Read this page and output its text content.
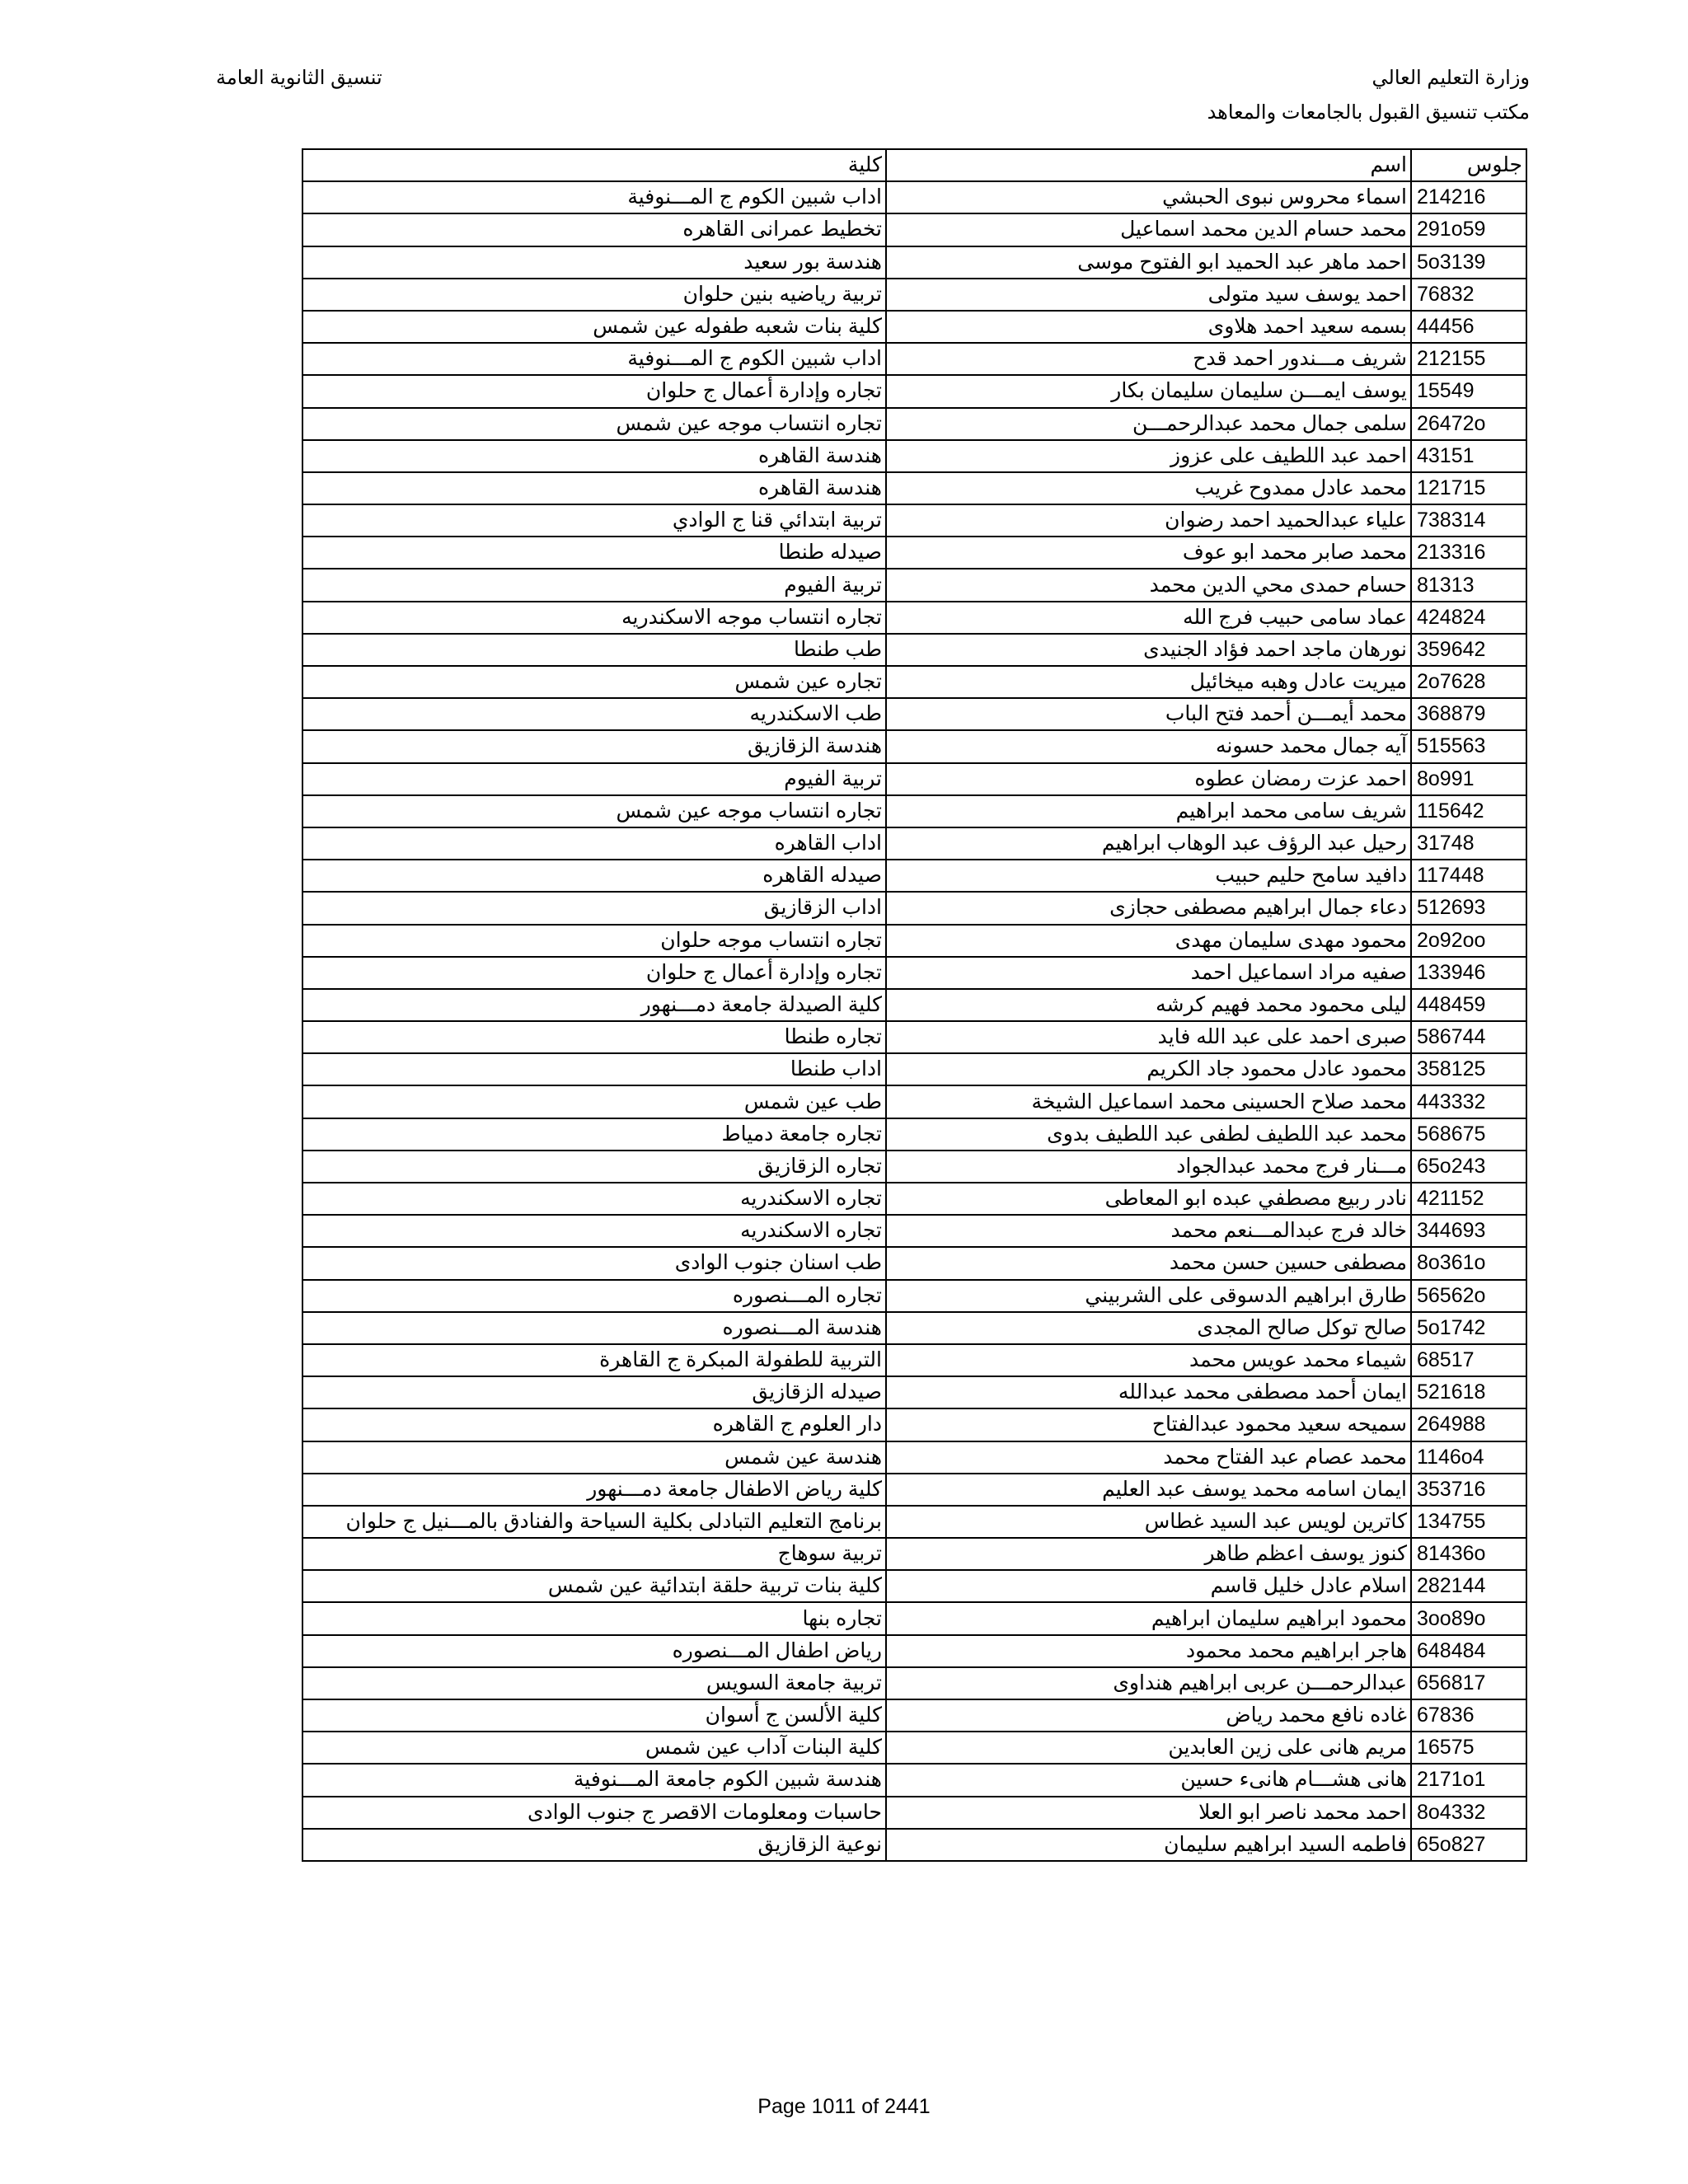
وزارة التعليم العالي
مكتب تنسيق القبول بالجامعات والمعاهد
تنسيق الثانوية العامة
جلوس	اسم	كلية
214216	اسماء محروس نبوى الحبشي	اداب شبين الكوم ج المـــنوفية
291o59	محمد حسام الدين محمد اسماعيل	تخطيط عمرانى القاهره
5o3139	احمد ماهر عبد الحميد ابو الفتوح موسى	هندسة بور سعيد
76832	احمد يوسف سيد متولى	تربية رياضيه بنين حلوان
44456	بسمه سعيد احمد هلاوى	كلية بنات شعبه طفوله عين شمس
212155	شريف مـــندور احمد قدح	اداب شبين الكوم ج المـــنوفية
15549	يوسف ايمـــن سليمان سليمان بكار	تجاره وإدارة أعمال ج حلوان
26472o	سلمى جمال محمد عبدالرحمـــن	تجاره انتساب موجه عين شمس
43151	احمد عبد اللطيف على عزوز	هندسة القاهره
121715	محمد عادل ممدوح غريب	هندسة القاهره
738314	علياء عبدالحميد احمد رضوان	تربية ابتدائي قنا ج الوادي
213316	محمد صابر محمد ابو عوف	صيدله طنطا
81313	حسام حمدى محي الدين محمد	تربية الفيوم
424824	عماد سامى حبيب فرج الله	تجاره انتساب موجه الاسكندريه
359642	نورهان ماجد احمد فؤاد الجنيدى	طب طنطا
2o7628	ميريت عادل وهبه ميخائيل	تجاره عين شمس
368879	محمد أيمـــن أحمد فتح الباب	طب الاسكندريه
515563	آيه جمال محمد حسونه	هندسة الزقازيق
8o991	احمد عزت رمضان عطوه	تربية الفيوم
115642	شريف سامى محمد ابراهيم	تجاره انتساب موجه عين شمس
31748	رحيل عبد الرؤف عبد الوهاب ابراهيم	اداب القاهره
117448	دافيد سامح حليم حبيب	صيدله القاهره
512693	دعاء جمال ابراهيم مصطفى حجازى	اداب الزقازيق
2o92oo	محمود مهدى سليمان مهدى	تجاره انتساب موجه حلوان
133946	صفيه مراد اسماعيل احمد	تجاره وإدارة أعمال ج حلوان
448459	ليلى محمود محمد فهيم كرشه	كلية الصيدلة جامعة دمـــنهور
586744	صبرى احمد على عبد الله فايد	تجاره طنطا
358125	محمود عادل محمود جاد الكريم	اداب طنطا
443332	محمد صلاح الحسينى محمد اسماعيل الشيخة	طب عين شمس
568675	محمد عبد اللطيف لطفى عبد اللطيف بدوى	تجاره جامعة دمياط
65o243	مـــنار فرج محمد عبدالجواد	تجاره الزقازيق
421152	نادر ربيع مصطفي عبده ابو المعاطى	تجاره الاسكندريه
344693	خالد فرج عبدالمـــنعم محمد	تجاره الاسكندريه
8o361o	مصطفى حسين حسن محمد	طب اسنان جنوب الوادى
56562o	طارق ابراهيم الدسوقى على الشربيني	تجاره المـــنصوره
5o1742	صالح توكل صالح المجدى	هندسة المـــنصوره
68517	شيماء محمد عويس محمد	التربية للطفولة المبكرة ج القاهرة
521618	ايمان أحمد مصطفى محمد عبدالله	صيدله الزقازيق
264988	سميحه سعيد محمود عبدالفتاح	دار العلوم ج القاهره
1146o4	محمد عصام عبد الفتاح محمد	هندسة عين شمس
353716	ايمان اسامه محمد يوسف عبد العليم	كلية رياض الاطفال جامعة دمـــنهور
134755	كاترين لويس عبد السيد غطاس	برنامج التعليم التبادلى بكلية السياحة والفنادق بالمـــنيل ج حلوان
81436o	كنوز يوسف اعظم طاهر	تربية سوهاج
282144	اسلام عادل خليل قاسم	كلية بنات تربية حلقة ابتدائية عين شمس
3oo89o	محمود ابراهيم سليمان ابراهيم	تجاره بنها
648484	هاجر ابراهيم محمد محمود	رياض اطفال المـــنصوره
656817	عبدالرحمـــن عربى ابراهيم هنداوى	تربية جامعة السويس
67836	غاده نافع محمد رياض	كلية الألسن ج أسوان
16575	مريم هانى على زين العابدين	كلية البنات آداب عين شمس
2171o1	هانى هشـــام هانىء حسين	هندسة شبين الكوم جامعة المـــنوفية
8o4332	احمد محمد ناصر ابو العلا	حاسبات ومعلومات الاقصر ج جنوب الوادى
65o827	فاطمه السيد ابراهيم سليمان	نوعية الزقازيق
Page 1011 of 2441
